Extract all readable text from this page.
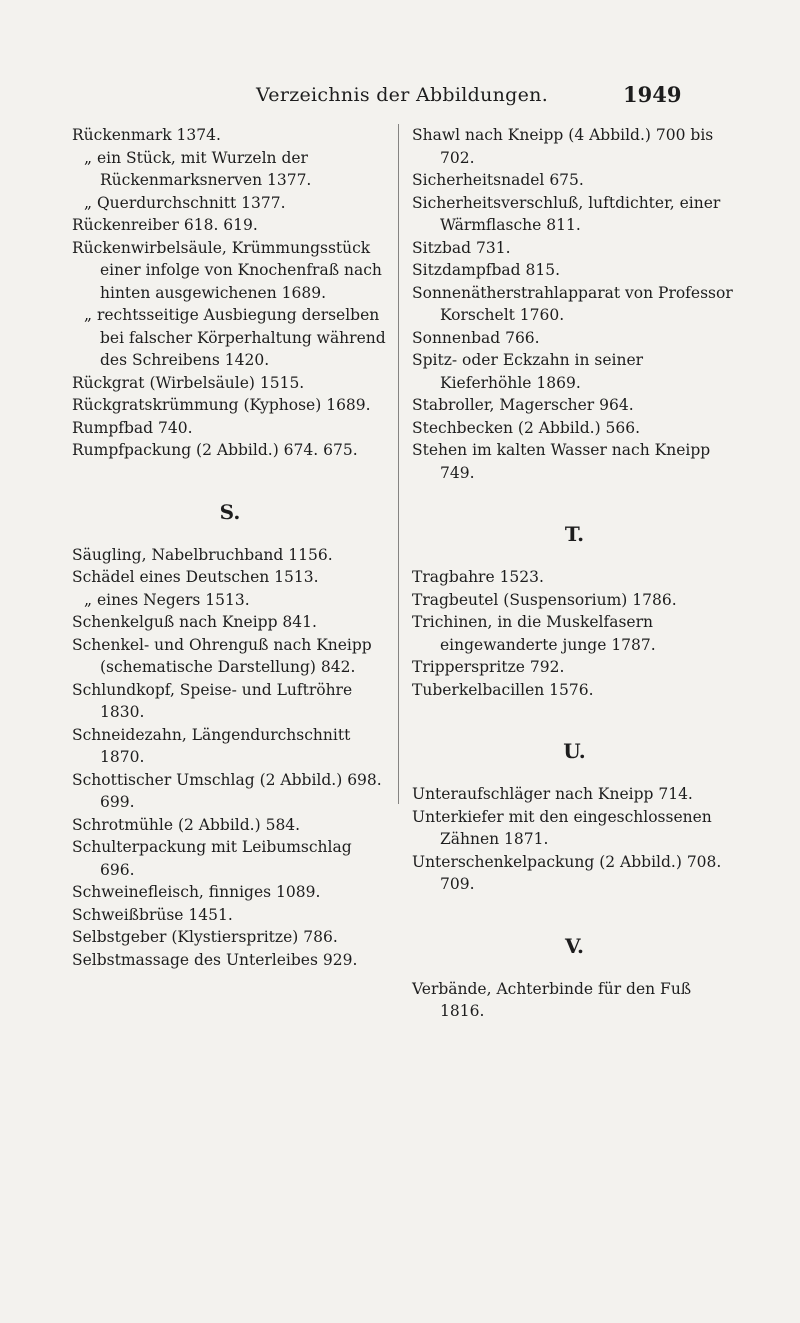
Verzeichnis der Abbildungen.	1949

Rückenmark 1374.

„ ein Stück, mit Wurzeln der Rückenmarksnerven 1377.

„ Querdurchschnitt 1377.

Rückenreiber 618. 619.

Rückenwirbelsäule, Krümmungsstück einer infolge von Knochenfraß nach hinten ausgewichenen 1689.

„ rechtsseitige Ausbiegung derselben bei falscher Körperhaltung während des Schreibens 1420.

Rückgrat (Wirbelsäule) 1515.

Rückgratskrümmung (Kyphose) 1689.

Rumpfbad 740.

Rumpfpackung (2 Abbild.) 674. 675.

S.

Säugling, Nabelbruchband 1156.

Schädel eines Deutschen 1513.

„ eines Negers 1513.

Schenkelguß nach Kneipp 841.

Schenkel- und Ohrenguß nach Kneipp (schematische Darstellung) 842.

Schlundkopf, Speise- und Luftröhre 1830.

Schneidezahn, Längendurchschnitt 1870.

Schottischer Umschlag (2 Abbild.) 698. 699.

Schrotmühle (2 Abbild.) 584.

Schulterpackung mit Leibumschlag 696.

Schweinefleisch, finniges 1089.

Schweißbrüse 1451.

Selbstgeber (Klystierspritze) 786.

Selbstmassage des Unterleibes 929.

Shawl nach Kneipp (4 Abbild.) 700 bis 702.

Sicherheitsnadel 675.

Sicherheitsverschluß, luftdichter, einer Wärmflasche 811.

Sitzbad 731.

Sitzdampfbad 815.

Sonnenätherstrahlapparat von Professor Korschelt 1760.

Sonnenbad 766.

Spitz- oder Eckzahn in seiner Kieferhöhle 1869.

Stabroller, Magerscher 964.

Stechbecken (2 Abbild.) 566.

Stehen im kalten Wasser nach Kneipp 749.

T.

Tragbahre 1523.

Tragbeutel (Suspensorium) 1786.

Trichinen, in die Muskelfasern eingewanderte junge 1787.

Tripperspritze 792.

Tuberkelbacillen 1576.

U.

Unteraufschläger nach Kneipp 714.

Unterkiefer mit den eingeschlossenen Zähnen 1871.

Unterschenkelpackung (2 Abbild.) 708. 709.

V.

Verbände, Achterbinde für den Fuß 1816.
